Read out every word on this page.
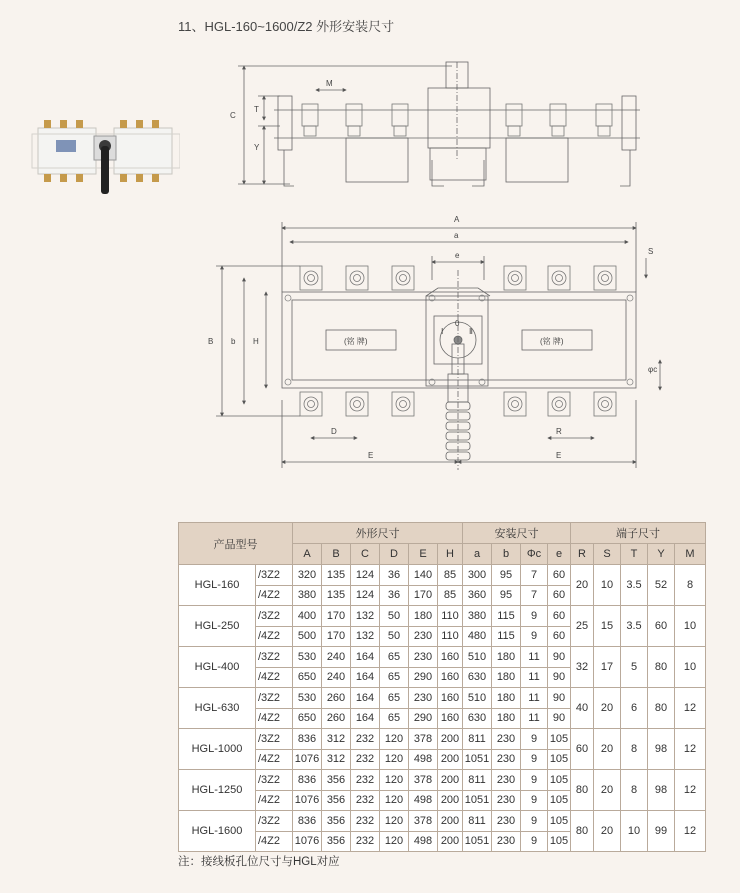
11、HGL-160~1600/Z2 外形安装尺寸
M
T
C
Y
A
a
e	S
B b H
φc
D	R
E	E
(铭 牌)	(铭 牌)
0
Ⅰ	Ⅱ
产品型号		外形尺寸						安装尺寸				端子尺寸				
		A	B	C	D	E	H	a	b	Φc	e	R	S	T	Y	M
HGL-160	/3Z2	320	135	124	36	140	85	300	95	7	60	20	10	3.5	52	8
	/4Z2	380	135	124	36	170	85	360	95	7	60					
HGL-250	/3Z2	400	170	132	50	180	110	380	115	9	60	25	15	3.5	60	10
	/4Z2	500	170	132	50	230	110	480	115	9	60					
HGL-400	/3Z2	530	240	164	65	230	160	510	180	11	90	32	17	5	80	10
	/4Z2	650	240	164	65	290	160	630	180	11	90					
HGL-630	/3Z2	530	260	164	65	230	160	510	180	11	90	40	20	6	80	12
	/4Z2	650	260	164	65	290	160	630	180	11	90					
HGL-1000	/3Z2	836	312	232	120	378	200	811	230	9	105	60	20	8	98	12
	/4Z2	1076	312	232	120	498	200	1051	230	9	105					
HGL-1250	/3Z2	836	356	232	120	378	200	811	230	9	105	80	20	8	98	12
	/4Z2	1076	356	232	120	498	200	1051	230	9	105					
HGL-1600	/3Z2	836	356	232	120	378	200	811	230	9	105	80	20	10	99	12
	/4Z2	1076	356	232	120	498	200	1051	230	9	105					
注：接线板孔位尺寸与HGL对应
